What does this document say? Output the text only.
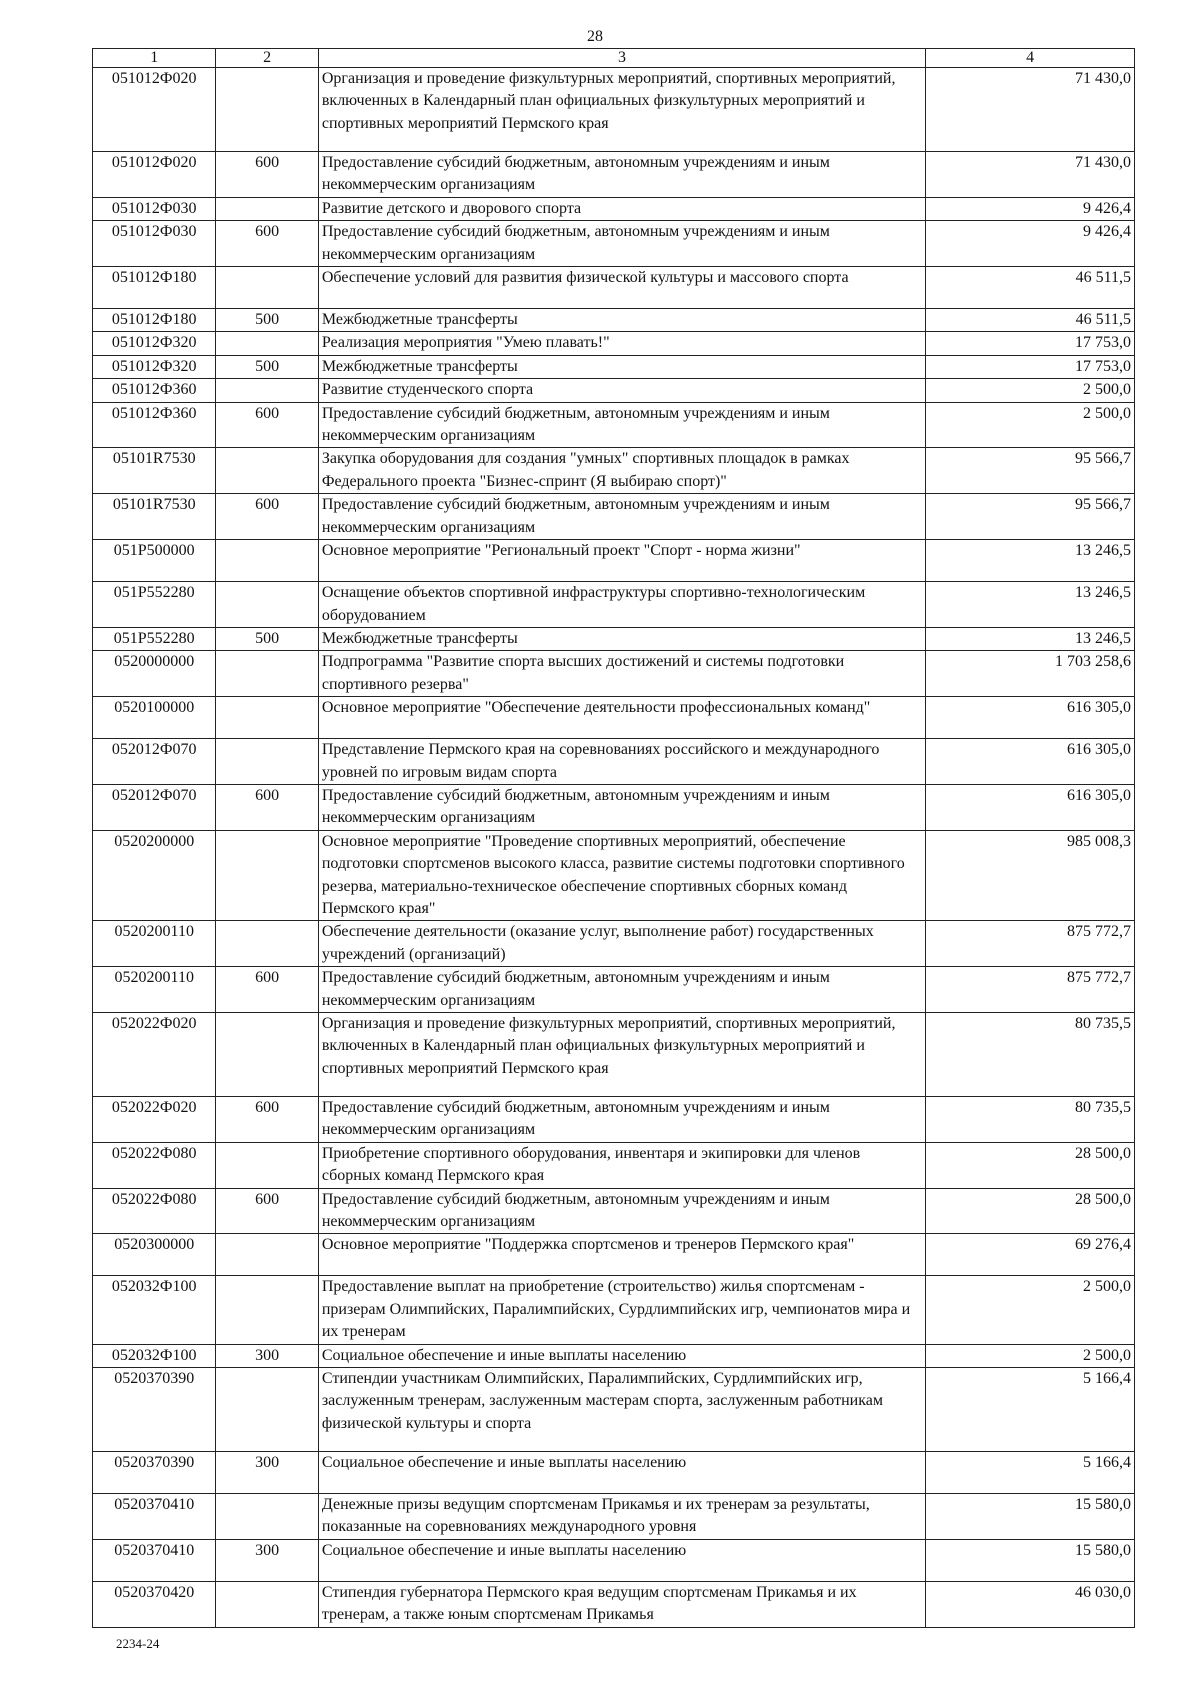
28
1	2	3	4
051012Ф020		Организация и проведение физкультурных мероприятий, спортивных мероприятий, включенных в Календарный план официальных физкультурных мероприятий и спортивных мероприятий Пермского края	71 430,0
051012Ф020	600	Предоставление субсидий бюджетным, автономным учреждениям и иным некоммерческим организациям	71 430,0
051012Ф030		Развитие детского и дворового спорта	9 426,4
051012Ф030	600	Предоставление субсидий бюджетным, автономным учреждениям и иным некоммерческим организациям	9 426,4
051012Ф180		Обеспечение условий для развития физической культуры и массового спорта	46 511,5
051012Ф180	500	Межбюджетные трансферты	46 511,5
051012Ф320		Реализация мероприятия "Умею плавать!"	17 753,0
051012Ф320	500	Межбюджетные трансферты	17 753,0
051012Ф360		Развитие студенческого спорта	2 500,0
051012Ф360	600	Предоставление субсидий бюджетным, автономным учреждениям и иным некоммерческим организациям	2 500,0
05101R7530		Закупка оборудования для создания "умных" спортивных площадок в рамках Федерального проекта "Бизнес-спринт (Я выбираю спорт)"	95 566,7
05101R7530	600	Предоставление субсидий бюджетным, автономным учреждениям и иным некоммерческим организациям	95 566,7
051P500000		Основное мероприятие "Региональный проект "Спорт - норма жизни"	13 246,5
051P552280		Оснащение объектов спортивной инфраструктуры спортивно-технологическим оборудованием	13 246,5
051P552280	500	Межбюджетные трансферты	13 246,5
0520000000		Подпрограмма "Развитие спорта высших достижений и системы подготовки спортивного резерва"	1 703 258,6
0520100000		Основное мероприятие "Обеспечение деятельности профессиональных команд"	616 305,0
052012Ф070		Представление Пермского края на соревнованиях российского и международного уровней по игровым видам спорта	616 305,0
052012Ф070	600	Предоставление субсидий бюджетным, автономным учреждениям и иным некоммерческим организациям	616 305,0
0520200000		Основное мероприятие "Проведение спортивных мероприятий, обеспечение подготовки спортсменов высокого класса, развитие системы подготовки спортивного резерва, материально-техническое обеспечение спортивных сборных команд Пермского края"	985 008,3
0520200110		Обеспечение деятельности (оказание услуг, выполнение работ) государственных учреждений (организаций)	875 772,7
0520200110	600	Предоставление субсидий бюджетным, автономным учреждениям и иным некоммерческим организациям	875 772,7
052022Ф020		Организация и проведение физкультурных мероприятий, спортивных мероприятий, включенных в Календарный план официальных физкультурных мероприятий и спортивных мероприятий Пермского края	80 735,5
052022Ф020	600	Предоставление субсидий бюджетным, автономным учреждениям и иным некоммерческим организациям	80 735,5
052022Ф080		Приобретение спортивного оборудования, инвентаря и экипировки для членов сборных команд Пермского края	28 500,0
052022Ф080	600	Предоставление субсидий бюджетным, автономным учреждениям и иным некоммерческим организациям	28 500,0
0520300000		Основное мероприятие "Поддержка спортсменов и тренеров Пермского края"	69 276,4
052032Ф100		Предоставление выплат на приобретение (строительство) жилья спортсменам - призерам Олимпийских, Паралимпийских, Сурдлимпийских игр, чемпионатов мира и их тренерам	2 500,0
052032Ф100	300	Социальное обеспечение и иные выплаты населению	2 500,0
0520370390		Стипендии участникам Олимпийских, Паралимпийских, Сурдлимпийских игр, заслуженным тренерам, заслуженным мастерам спорта, заслуженным работникам физической культуры и спорта	5 166,4
0520370390	300	Социальное обеспечение и иные выплаты населению	5 166,4
0520370410		Денежные призы ведущим спортсменам Прикамья и их тренерам за результаты, показанные на соревнованиях международного уровня	15 580,0
0520370410	300	Социальное обеспечение и иные выплаты населению	15 580,0
0520370420		Стипендия губернатора Пермского края ведущим спортсменам Прикамья и их тренерам, а также юным спортсменам Прикамья	46 030,0
2234-24
